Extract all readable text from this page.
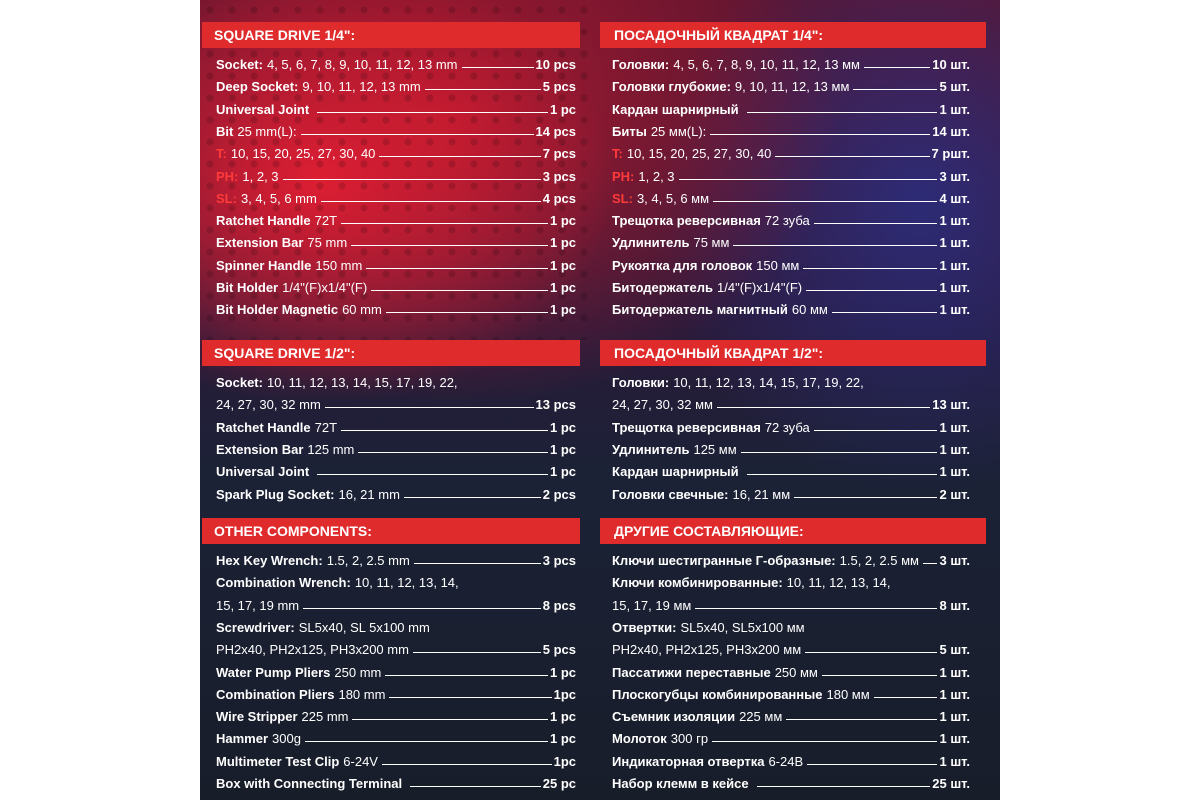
SQUARE DRIVE 1/4":
Socket: 4, 5, 6, 7, 8, 9, 10, 11, 12, 13 mm	10 pcs
Deep Socket: 9, 10, 11, 12, 13 mm	5 pcs
Universal Joint	1 pc
Bit 25 mm(L):	14 pcs
T: 10, 15, 20, 25, 27, 30, 40	7 pcs
PH: 1, 2, 3	3 pcs
SL: 3, 4, 5, 6 mm	4 pcs
Ratchet Handle 72T	1 pc
Extension Bar 75 mm	1 pc
Spinner Handle 150 mm	1 pc
Bit Holder 1/4"(F)x1/4"(F)	1 pc
Bit Holder Magnetic 60 mm	1 pc
SQUARE DRIVE 1/2":
Socket: 10, 11, 12, 13, 14, 15, 17, 19, 22,
24, 27, 30, 32 mm	13 pcs
Ratchet Handle 72T	1 pc
Extension Bar 125 mm	1 pc
Universal Joint	1 pc
Spark Plug Socket: 16, 21 mm	2 pcs
OTHER COMPONENTS:
Hex Key Wrench: 1.5, 2, 2.5 mm	3 pcs
Combination Wrench: 10, 11, 12, 13, 14,
15, 17, 19 mm	8 pcs
Screwdriver: SL5x40, SL 5x100 mm
PH2x40, PH2x125, PH3x200 mm	5 pcs
Water Pump Pliers 250 mm	1 pc
Combination Pliers 180 mm	1pc
Wire Stripper 225 mm	1 pc
Hammer 300g	1 pc
Multimeter Test Clip 6-24V	1pc
Box with Connecting Terminal	25 pc
ПОСАДОЧНЫЙ КВАДРАТ 1/4":
Головки: 4, 5, 6, 7, 8, 9, 10, 11, 12, 13 мм	10 шт.
Головки глубокие: 9, 10, 11, 12, 13 мм	5 шт.
Кардан шарнирный	1 шт.
Биты 25 мм(L):	14 шт.
T: 10, 15, 20, 25, 27, 30, 40	7 ршт.
PH: 1, 2, 3	3 шт.
SL: 3, 4, 5, 6 мм	4 шт.
Трещотка реверсивная 72 зуба	1 шт.
Удлинитель 75 мм	1 шт.
Рукоятка для головок 150 мм	1 шт.
Битодержатель 1/4"(F)x1/4"(F)	1 шт.
Битодержатель магнитный 60 мм	1 шт.
ПОСАДОЧНЫЙ КВАДРАТ 1/2":
Головки: 10, 11, 12, 13, 14, 15, 17, 19, 22,
24, 27, 30, 32 мм	13 шт.
Трещотка реверсивная 72 зуба	1 шт.
Удлинитель 125 мм	1 шт.
Кардан шарнирный	1 шт.
Головки свечные: 16, 21 мм	2 шт.
ДРУГИЕ СОСТАВЛЯЮЩИЕ:
Ключи шестигранные Г-образные: 1.5, 2, 2.5 мм 3 шт.
Ключи комбинированные: 10, 11, 12, 13, 14,
15, 17, 19 мм	8 шт.
Отвертки: SL5x40, SL5x100 мм
PH2x40, PH2x125, PH3x200 мм	5 шт.
Пассатижи переставные 250 мм	1 шт.
Плоскогубцы комбинированные 180 мм	1 шт.
Съемник изоляции 225 мм	1 шт.
Молоток 300 гр	1 шт.
Индикаторная отвертка 6-24В	1 шт.
Набор клемм в кейсе	25 шт.
